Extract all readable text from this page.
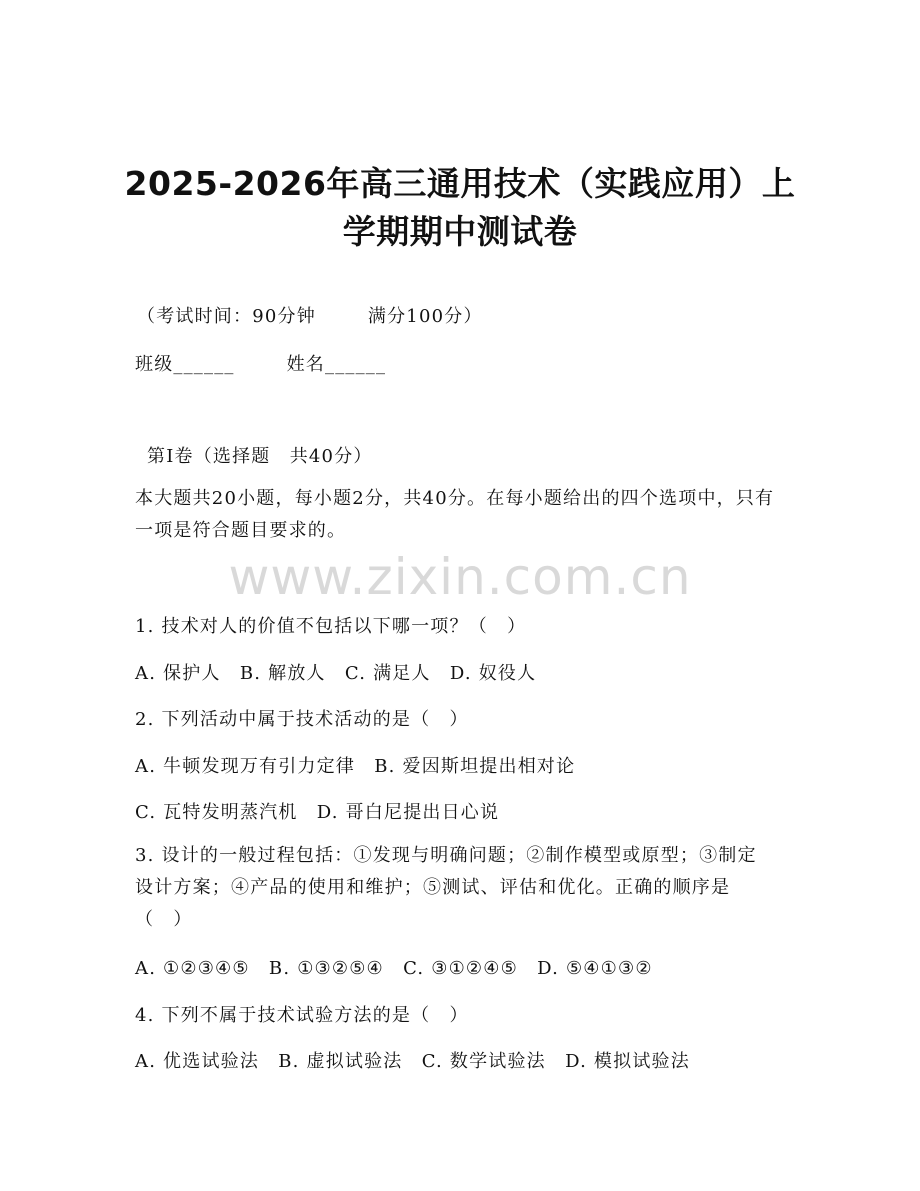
2025-2026年高三通用技术（实践应用）上
学期期中测试卷
（考试时间：90分钟	满分100分）
班级______	姓名______
第I卷（选择题　共40分）
本大题共20小题，每小题2分，共40分。在每小题给出的四个选项中，只有一项是符合题目要求的。
www.zixin.com.cn
1. 技术对人的价值不包括以下哪一项？（　）
A. 保护人　B. 解放人　C. 满足人　D. 奴役人
2. 下列活动中属于技术活动的是（　）
A. 牛顿发现万有引力定律　B. 爱因斯坦提出相对论
C. 瓦特发明蒸汽机　D. 哥白尼提出日心说
3. 设计的一般过程包括：①发现与明确问题；②制作模型或原型；③制定设计方案；④产品的使用和维护；⑤测试、评估和优化。正确的顺序是（　）
A. ①②③④⑤　B. ①③②⑤④　C. ③①②④⑤　D. ⑤④①③②
4. 下列不属于技术试验方法的是（　）
A. 优选试验法　B. 虚拟试验法　C. 数学试验法　D. 模拟试验法
